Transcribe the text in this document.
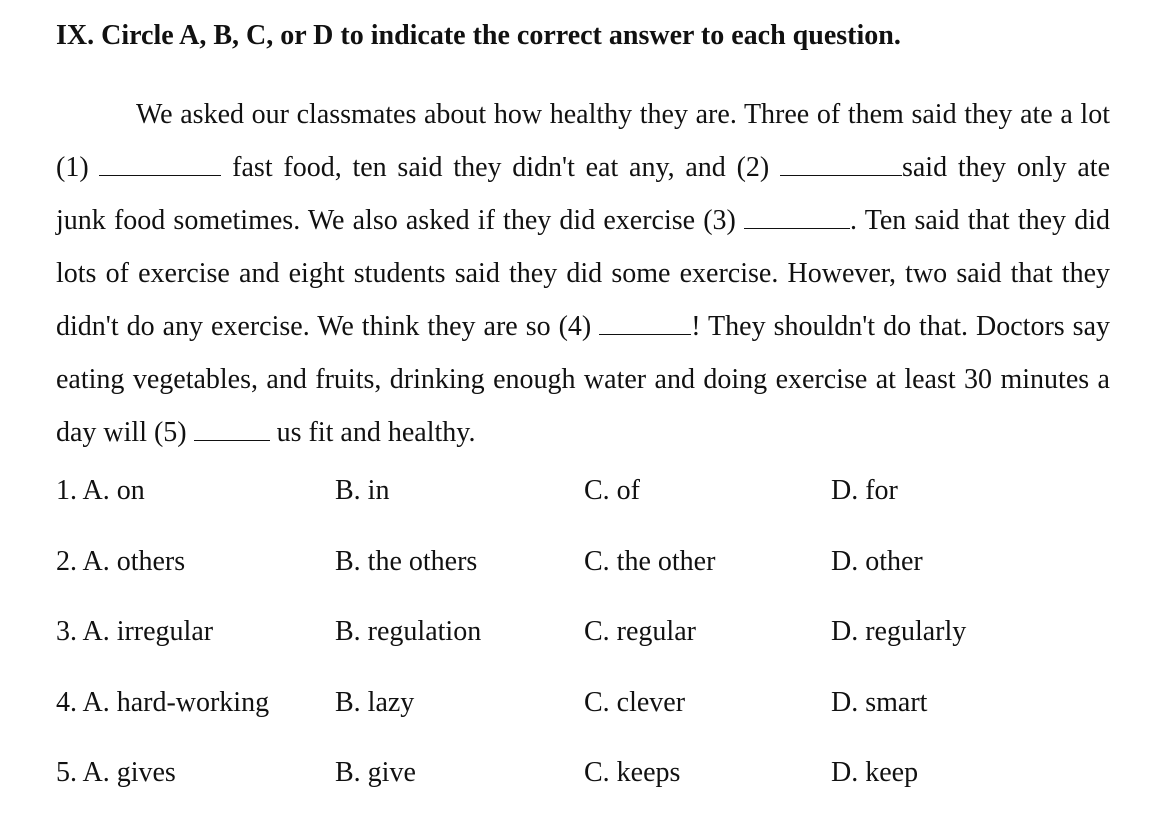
IX. Circle A, B, C, or D to indicate the correct answer to each question.

We asked our classmates about how healthy they are. Three of them said they ate a lot (1)	fast food, ten said they didn't eat any, and (2)	said they only ate junk food sometimes. We also asked if they did exercise (3)	. Ten said that they did lots of exercise and eight students said they did some exercise. However, two said that they didn't do any exercise. We think they are so (4)	! They shouldn't do that. Doctors say eating vegetables, and fruits, drinking enough water and doing exercise at least 30 minutes a day will (5)	us fit and healthy.
1. A. on	B. in	C. of	D. for
2. A. others	B. the others	C. the other	D. other
3. A. irregular	B. regulation	C. regular	D. regularly
4. A. hard-working	B. lazy	C. clever	D. smart
5. A. gives	B. give	C. keeps	D. keep
